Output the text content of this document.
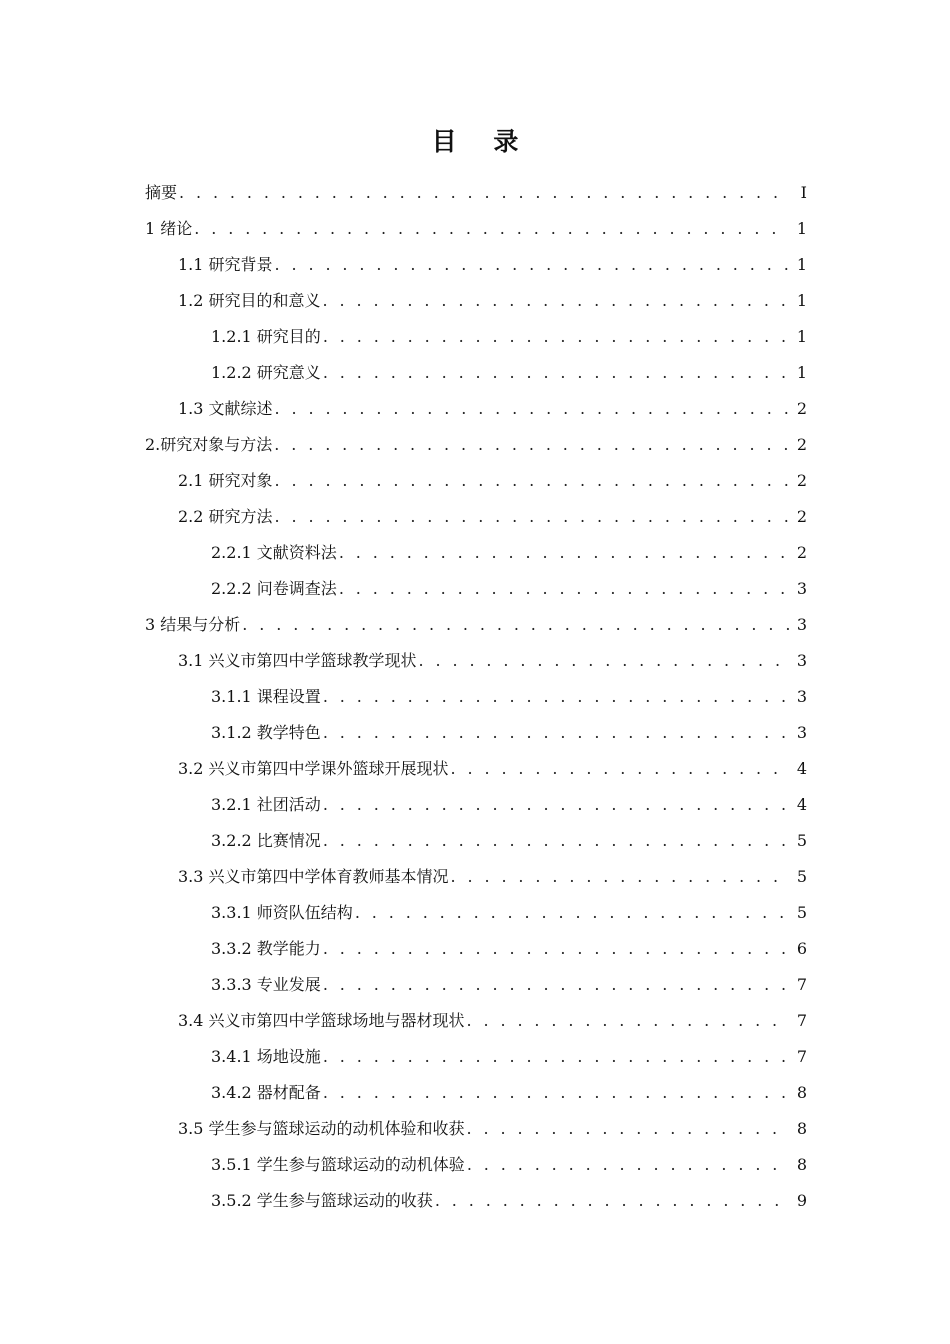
目 录
摘要 . . .	I
1 绪论 . . .	1
1.1 研究背景 . . .	1
1.2 研究目的和意义 . . .	1
1.2.1 研究目的 . . .	1
1.2.2 研究意义 . . .	1
1.3 文献综述 . . .	2
2.研究对象与方法 . . .	2
2.1 研究对象 . . .	2
2.2 研究方法 . . .	2
2.2.1 文献资料法 . . .	2
2.2.2 问卷调查法 . . .	3
3 结果与分析 . . .	3
3.1 兴义市第四中学篮球教学现状 . . .	3
3.1.1 课程设置 . . .	3
3.1.2 教学特色 . . .	3
3.2 兴义市第四中学课外篮球开展现状 . . .	4
3.2.1 社团活动 . . .	4
3.2.2 比赛情况 . . .	5
3.3 兴义市第四中学体育教师基本情况 . . .	5
3.3.1 师资队伍结构 . . .	5
3.3.2 教学能力 . . .	6
3.3.3 专业发展 . . .	7
3.4 兴义市第四中学篮球场地与器材现状 . . .	7
3.4.1 场地设施 . . .	7
3.4.2 器材配备 . . .	8
3.5 学生参与篮球运动的动机体验和收获 . . .	8
3.5.1 学生参与篮球运动的动机体验 . . .	8
3.5.2 学生参与篮球运动的收获 . . .	9
